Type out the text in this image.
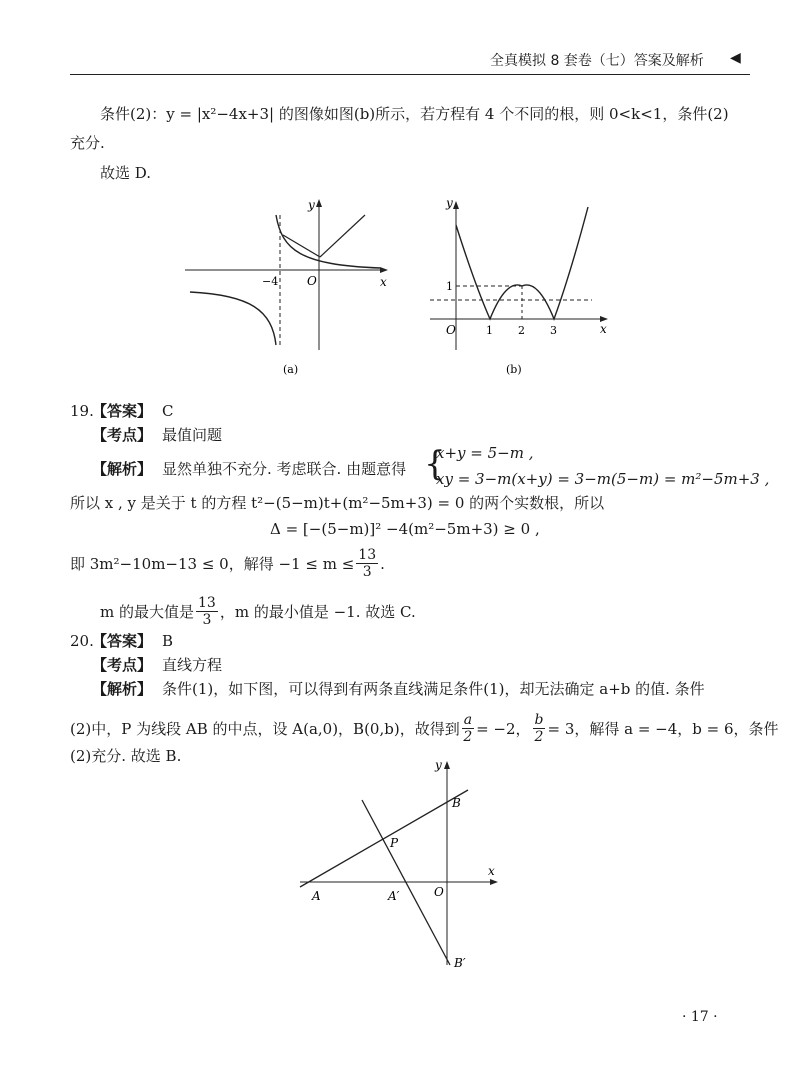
全真模拟 8 套卷（七）答案及解析 ◀
条件(2)：y = |x²−4x+3| 的图像如图(b)所示，若方程有 4 个不同的根，则 0<k<1，条件(2)
充分.
故选 D.
y
x
O
−4
(a)
y
x
O	1 2 3
1
(b)
19.
【答案】 C
【考点】 最值问题
【解析】 显然单独不充分. 考虑联合. 由题意得 {
x+y = 5−m ,
xy = 3−m(x+y) = 3−m(5−m) = m²−5m+3 ,
所以 x , y 是关于 t 的方程 t²−(5−m)t+(m²−5m+3) = 0 的两个实数根，所以
Δ = [−(5−m)]² −4(m²−5m+3) ≥ 0 ,
即 3m²−10m−13 ≤ 0，解得 $-1 \le m \le \frac{13}{3}$ .
m 的最大值是 $\frac{13}{3}$ ，m 的最小值是 −1. 故选 C.
20.
【答案】 B
【考点】 直线方程
【解析】 条件(1)，如下图，可以得到有两条直线满足条件(1)，却无法确定 a+b 的值. 条件
(2)中，P 为线段 AB 的中点，设 A(a,0)，B(0,b)，故得到 $\frac{a}{2} = -2$， $\frac{b}{2} = 3$，解得 a = −4，b = 6，条件
(2)充分. 故选 B.	y
x
O
A	A′
B
B′
P
· 17 ·
